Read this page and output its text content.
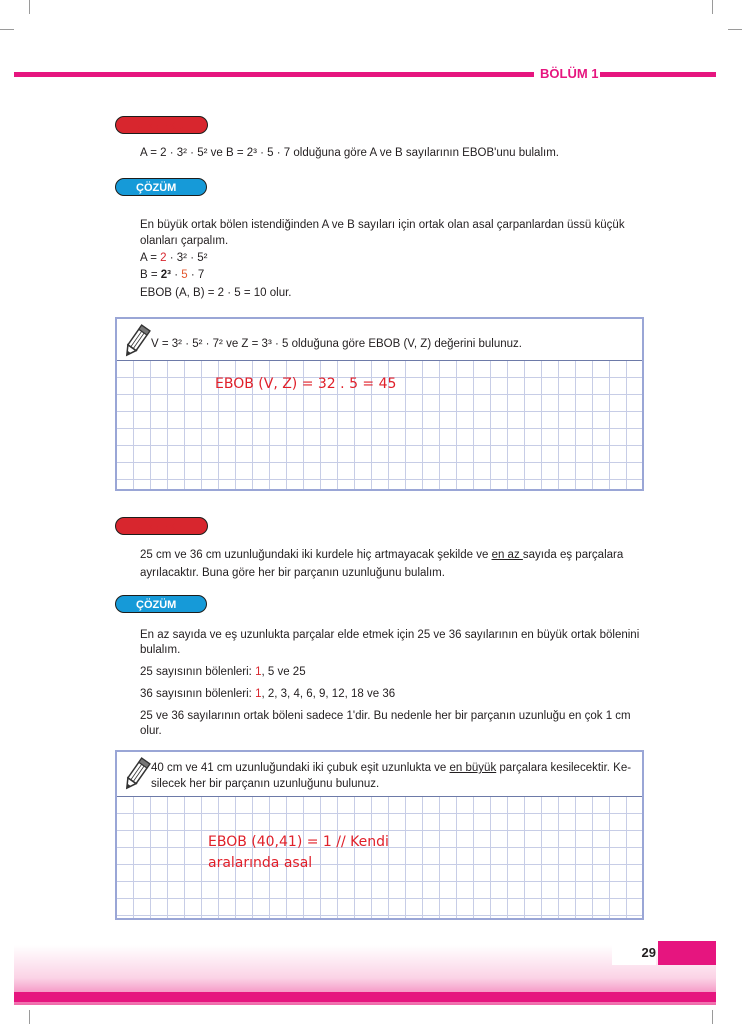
BÖLÜM 1
ÖRNEK 3
A = 2 · 3² · 5² ve B = 2³ · 5 · 7 olduğuna göre A ve B sayılarının EBOB'unu bulalım.
ÇÖZÜM
En büyük ortak bölen istendiğinden A ve B sayıları için ortak olan asal çarpanlardan üssü küçük
olanları çarpalım.
A = 2 · 3² · 5²
B = 2³ · 5 · 7
EBOB (A, B) = 2 · 5 = 10 olur.
V = 3² · 5² · 7² ve Z = 3³ · 5 olduğuna göre EBOB (V, Z) değerini bulunuz.
EBOB (V, Z) = 32 . 5 = 45
ÖRNEK 4
25 cm ve 36 cm uzunluğundaki iki kurdele hiç artmayacak şekilde ve en az sayıda eş parçalara
ayrılacaktır. Buna göre her bir parçanın uzunluğunu bulalım.
ÇÖZÜM
En az sayıda ve eş uzunlukta parçalar elde etmek için 25 ve 36 sayılarının en büyük ortak bölenini
bulalım.
25 sayısının bölenleri: 1, 5 ve 25
36 sayısının bölenleri: 1, 2, 3, 4, 6, 9, 12, 18 ve 36
25 ve 36 sayılarının ortak böleni sadece 1'dir. Bu nedenle her bir parçanın uzunluğu en çok 1 cm
olur.
40 cm ve 41 cm uzunluğundaki iki çubuk eşit uzunlukta ve en büyük parçalara kesilecektir. Ke-
silecek her bir parçanın uzunluğunu bulunuz.
EBOB (40,41) = 1 // Kendi
aralarında asal
29
